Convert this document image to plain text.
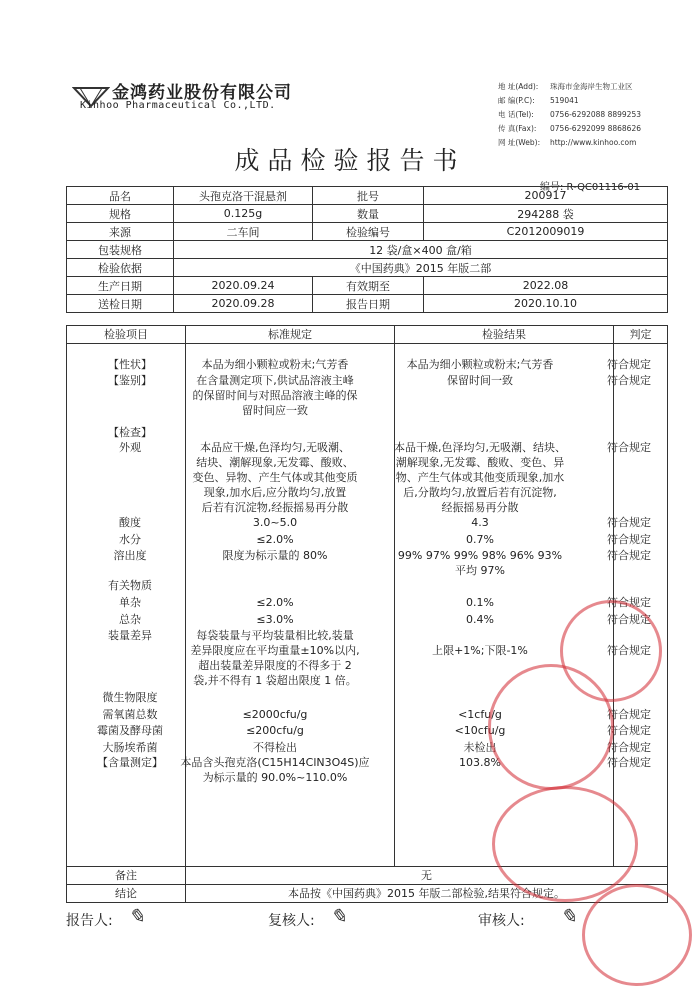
金鸿药业股份有限公司
Kinhoo Pharmaceutical Co.,LTD.
地 址(Add): 珠海市金海岸生物工业区
邮 编(P.C): 519041
电 话(Tel): 0756-6292088 8899253
传 真(Fax): 0756-6292099 8868626
网 址(Web): http://www.kinhoo.com
成品检验报告书
编号: R-QC01116-01
品名	头孢克洛干混悬剂	批号	200917
规格	0.125g	数量	294288 袋
来源	二车间	检验编号	C2012009019
包装规格	12 袋/盒×400 盒/箱		
检验依据	《中国药典》2015 年版二部		
生产日期	2020.09.24	有效期至	2022.08
送检日期	2020.09.28	报告日期	2020.10.10
检验项目	标准规定	检验结果	判定

备注	无		
结论	本品按《中国药典》2015 年版二部检验,结果符合规定。		
【性状】	本品为细小颗粒或粉末;气芳香	本品为细小颗粒或粉末;气芳香	符合规定
【鉴别】	在含量测定项下,供试品溶液主峰	保留时间一致	符合规定
的保留时间与对照品溶液主峰的保
留时间应一致
【检查】
外观	本品应干燥,色泽均匀,无吸潮、	本品干燥,色泽均匀,无吸潮、结块、	符合规定
结块、潮解现象,无发霉、酸败、	潮解现象,无发霉、酸败、变色、异
变色、异物、产生气体或其他变质	物、产生气体或其他变质现象,加水
现象,加水后,应分散均匀,放置	后,分散均匀,放置后若有沉淀物,
后若有沉淀物,经振摇易再分散	经振摇易再分散
酸度	3.0~5.0	4.3	符合规定
水分	≤2.0%	0.7%	符合规定
溶出度	限度为标示量的 80%	99% 97% 99% 98% 96% 93%	符合规定
平均 97%
有关物质
单杂	≤2.0%	0.1%	符合规定
总杂	≤3.0%	0.4%	符合规定
装量差异	每袋装量与平均装量相比较,装量
差异限度应在平均重量±10%以内,	上限+1%;下限-1%	符合规定
超出装量差异限度的不得多于 2
袋,并不得有 1 袋超出限度 1 倍。
微生物限度
需氧菌总数	≤2000cfu/g	<1cfu/g	符合规定
霉菌及酵母菌	≤200cfu/g	<10cfu/g	符合规定
大肠埃希菌	不得检出	未检出	符合规定
【含量测定】	本品含头孢克洛(C15H14ClN3O4S)应	103.8%	符合规定
为标示量的 90.0%~110.0%
报告人: ✎	复核人: ✎	审核人: ✎
